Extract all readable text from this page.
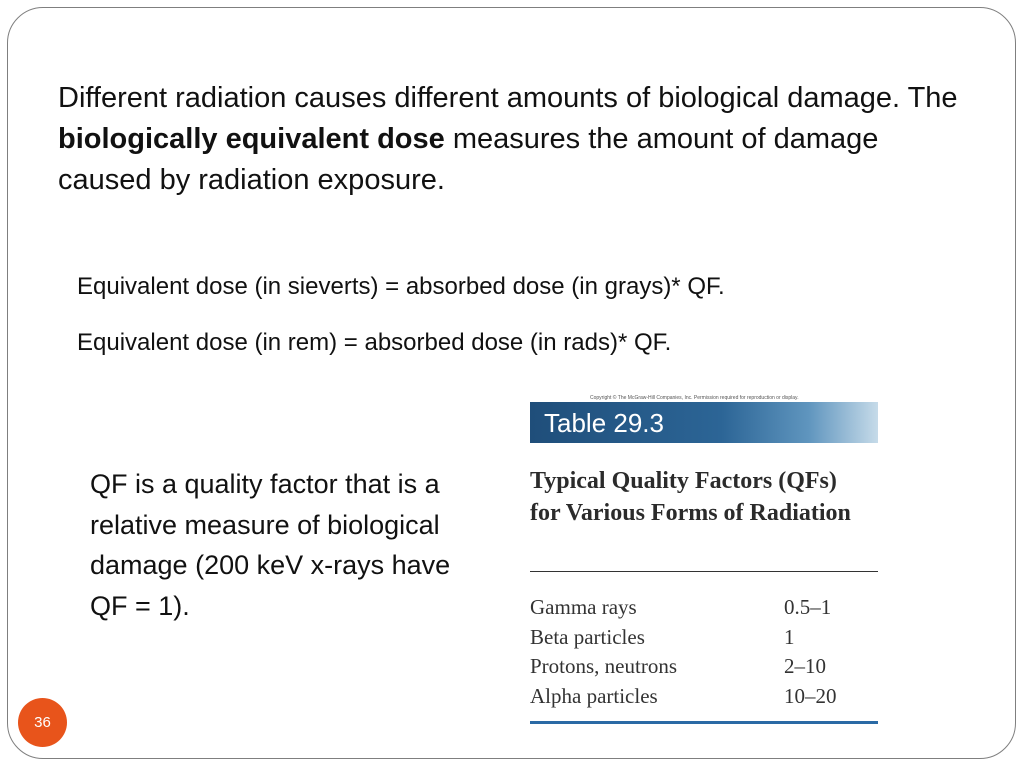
Different radiation causes different amounts of biological damage. The biologically equivalent dose measures the amount of damage caused by radiation exposure.

Equivalent dose (in sieverts) = absorbed dose (in grays)* QF.

Equivalent dose (in rem) = absorbed dose (in rads)* QF.

QF is a quality factor that is a relative measure of biological damage (200 keV x-rays have QF = 1).

Copyright © The McGraw-Hill Companies, Inc. Permission required for reproduction or display.
Table 29.3

Typical Quality Factors (QFs) for Various Forms of Radiation

Gamma rays	0.5–1
Beta particles	1
Protons, neutrons	2–10
Alpha particles	10–20
36
